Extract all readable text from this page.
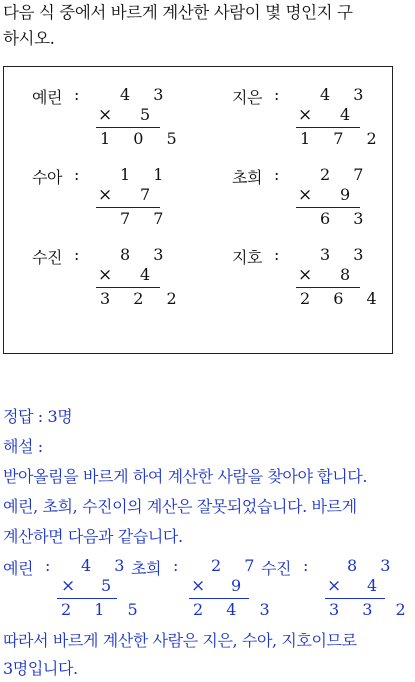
다음 식 중에서 바르게 계산한 사람이 몇 명인지 구
하시오.
예린 :	4 3
× 5
1 0 5
지은 :	4 3
× 4
1 7 2
수아 :	1 1
× 7
7 7
초희 :	2 7
× 9
6 3
수진 :	8 3
× 4
3 2 2
지호 :	3 3
× 8
2 6 4
정답 : 3명
해설 :
받아올림을 바르게 하여 계산한 사람을 찾아야 합니다.
예린, 초희, 수진이의 계산은 잘못되었습니다. 바르게
계산하면 다음과 같습니다.
예린 : 4 3
× 5
2 1 5
초희 : 2 7
× 9
2 4 3
수진 : 8 3
× 4
3 3 2
따라서 바르게 계산한 사람은 지은, 수아, 지호이므로
3명입니다.
